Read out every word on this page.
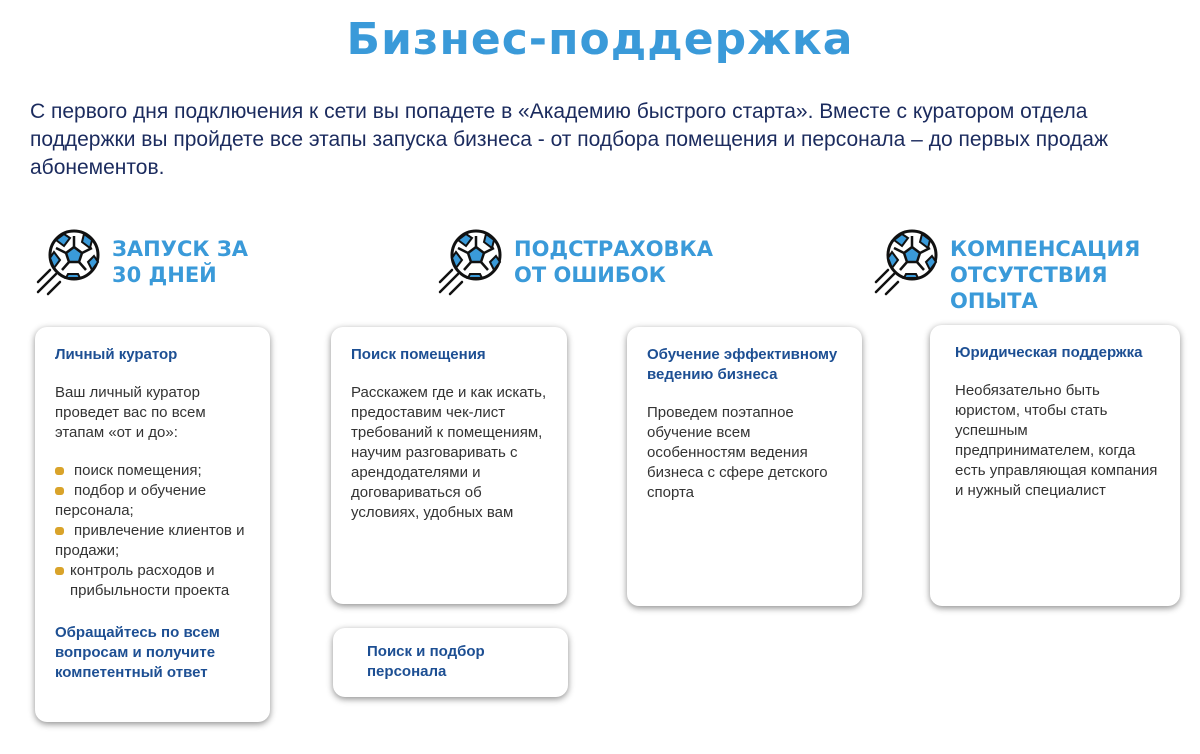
Бизнес-поддержка
С первого дня подключения к сети вы попадете в «Академию быстрого старта». Вместе с куратором отдела поддержки вы пройдете все этапы запуска бизнеса - от подбора помещения и персонала – до первых продаж абонементов.
ЗАПУСК ЗА
30 ДНЕЙ
ПОДСТРАХОВКА
ОТ ОШИБОК
КОМПЕНСАЦИЯ
ОТСУТСТВИЯ
ОПЫТА
Личный куратор
Ваш личный куратор проведет вас по всем этапам «от и до»:
поиск помещения;
подбор и обучение персонала;
привлечение клиентов и продажи;
контроль расходов и прибыльности проекта
Обращайтесь по всем вопросам и получите компетентный ответ
Поиск помещения
Расскажем где и как искать, предоставим чек-лист требований к помещениям, научим разговаривать с арендодателями и договариваться об условиях, удобных вам
Поиск и подбор персонала
Обучение эффективному ведению бизнеса
Проведем поэтапное обучение всем особенностям ведения бизнеса с сфере детского спорта
Юридическая поддержка
Необязательно быть юристом, чтобы стать успешным предпринимателем, когда есть управляющая компания и нужный специалист
